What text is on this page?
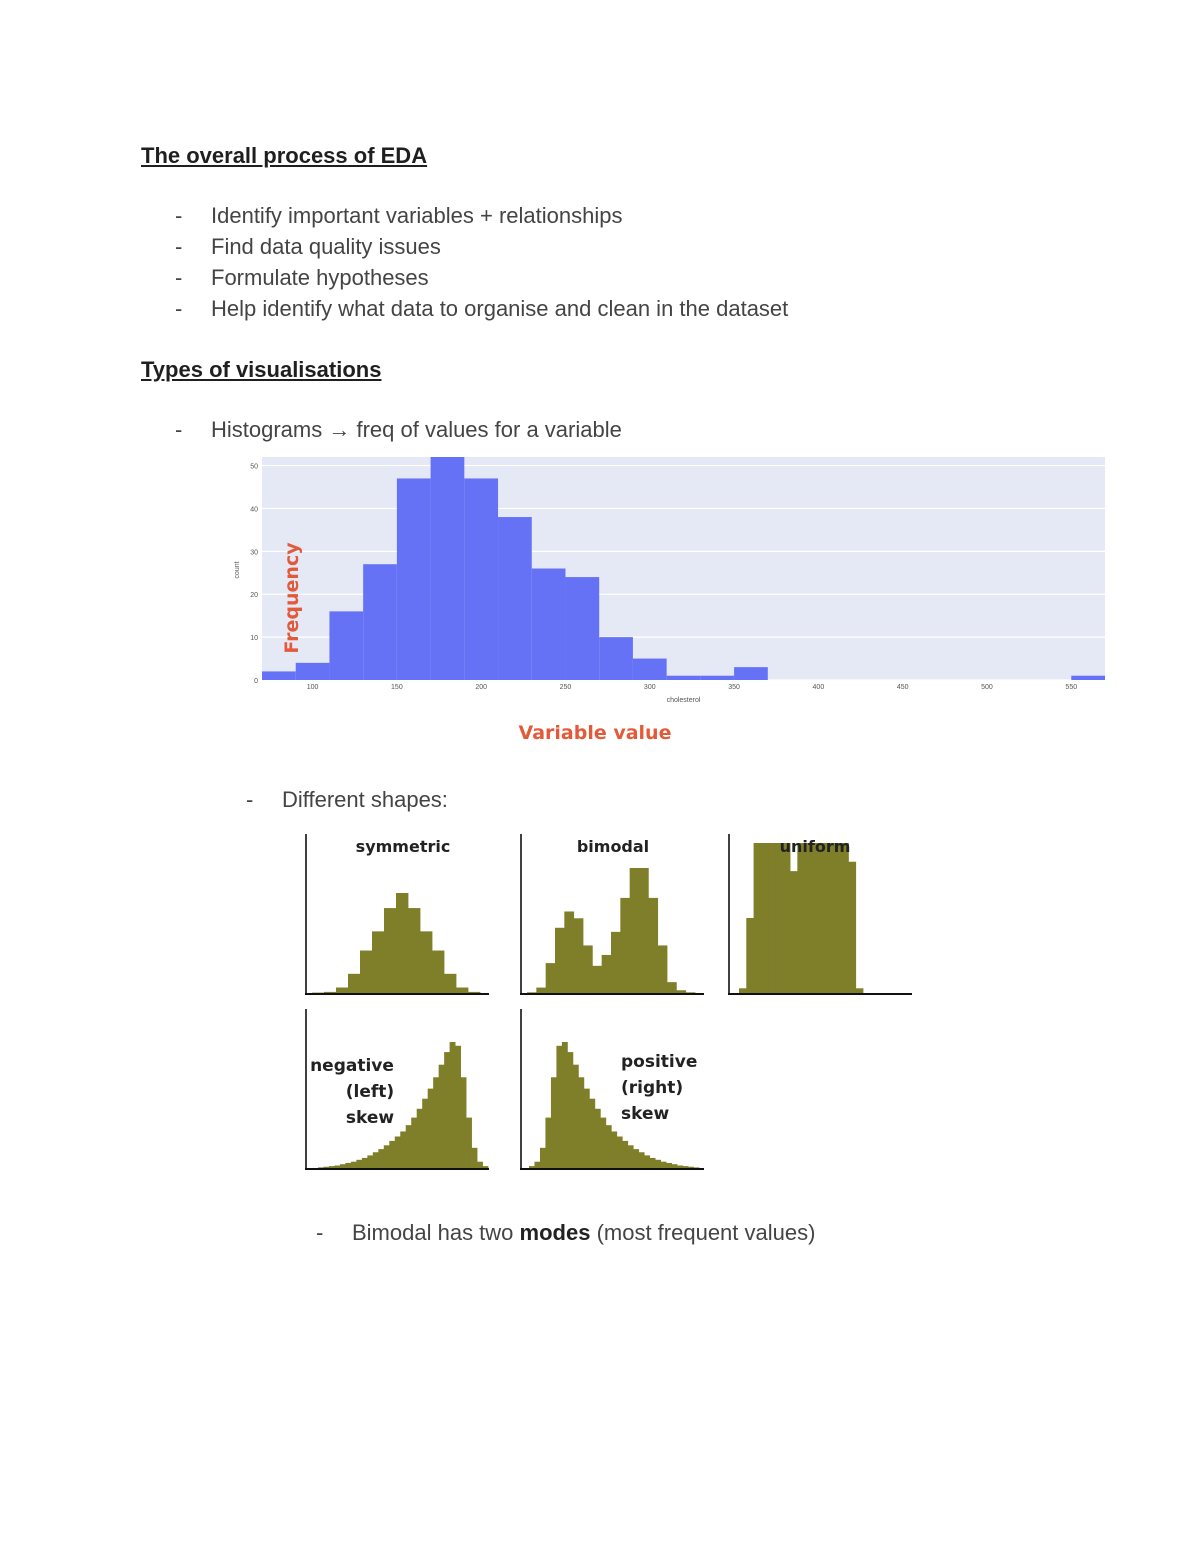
The overall process of EDA
- Identify important variables + relationships
- Find data quality issues
- Formulate hypotheses
- Help identify what data to organise and clean in the dataset
Types of visualisations
- Histograms → freq of values for a variable
0
10
20
30
40
50
100	150	200	250	300	350	400	450	500	550
cholesterol
count Frequency
Variable value
- Different shapes:
symmetric	bimodal	uniform
negative
(left)
skew
positive
(right)
skew
- Bimodal has two modes (most frequent values)
